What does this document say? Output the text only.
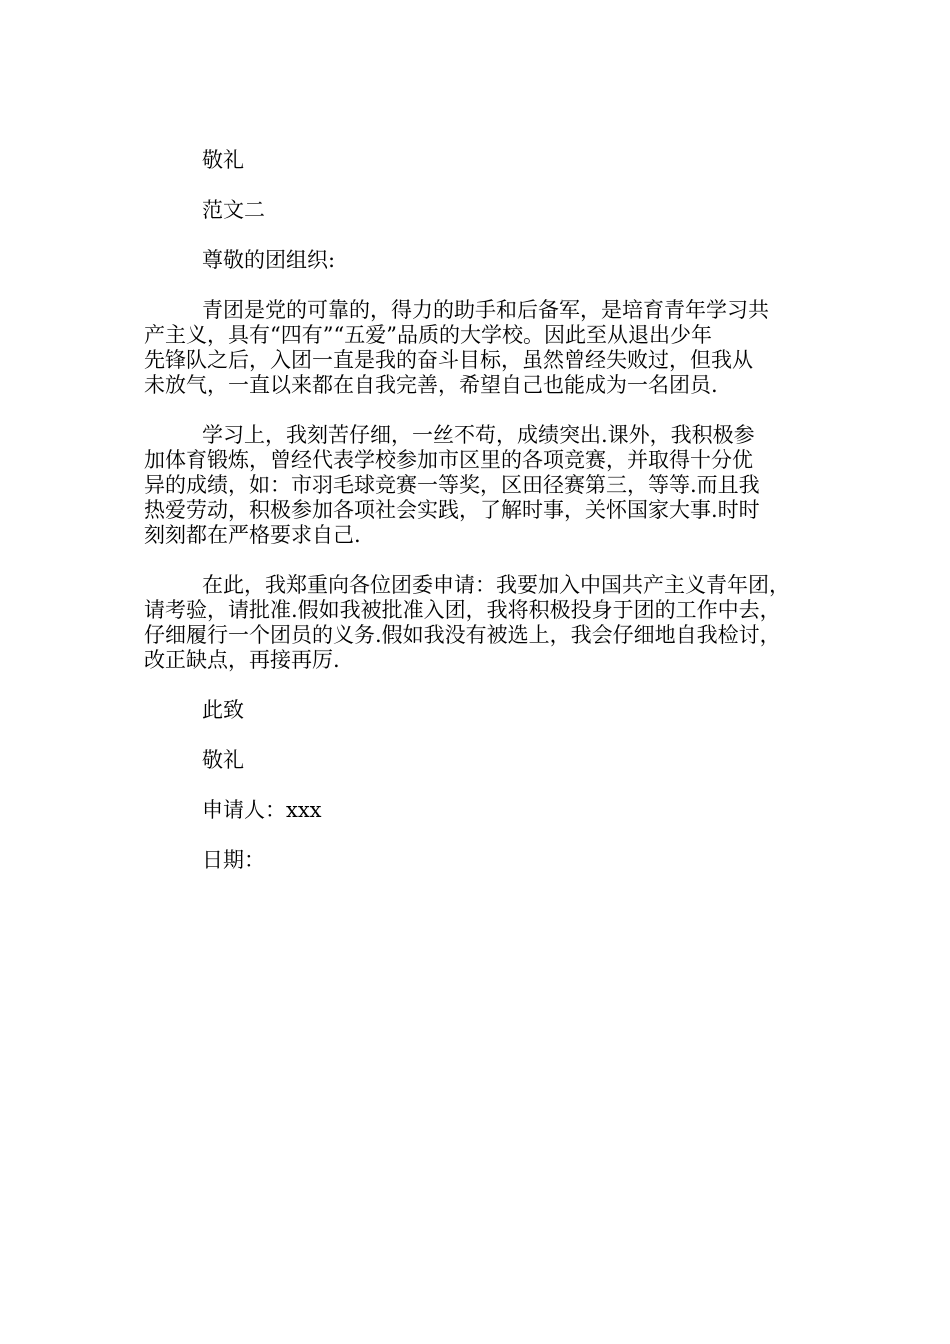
敬礼
范文二
尊敬的团组织:
青团是党的可靠的，得力的助手和后备军，是培育青年学习共
产主义，具有“四有”“五爱”品质的大学校。因此至从退出少年
先锋队之后，入团一直是我的奋斗目标，虽然曾经失败过，但我从
未放气，一直以来都在自我完善，希望自己也能成为一名团员.
学习上，我刻苦仔细，一丝不苟，成绩突出.课外，我积极参
加体育锻炼，曾经代表学校参加市区里的各项竞赛，并取得十分优
异的成绩，如：市羽毛球竞赛一等奖，区田径赛第三，等等.而且我
热爱劳动，积极参加各项社会实践，了解时事，关怀国家大事.时时
刻刻都在严格要求自己.
在此，我郑重向各位团委申请：我要加入中国共产主义青年团，
请考验，请批准.假如我被批准入团，我将积极投身于团的工作中去，
仔细履行一个团员的义务.假如我没有被选上，我会仔细地自我检讨，
改正缺点，再接再厉.
此致
敬礼
申请人：xxx
日期：
